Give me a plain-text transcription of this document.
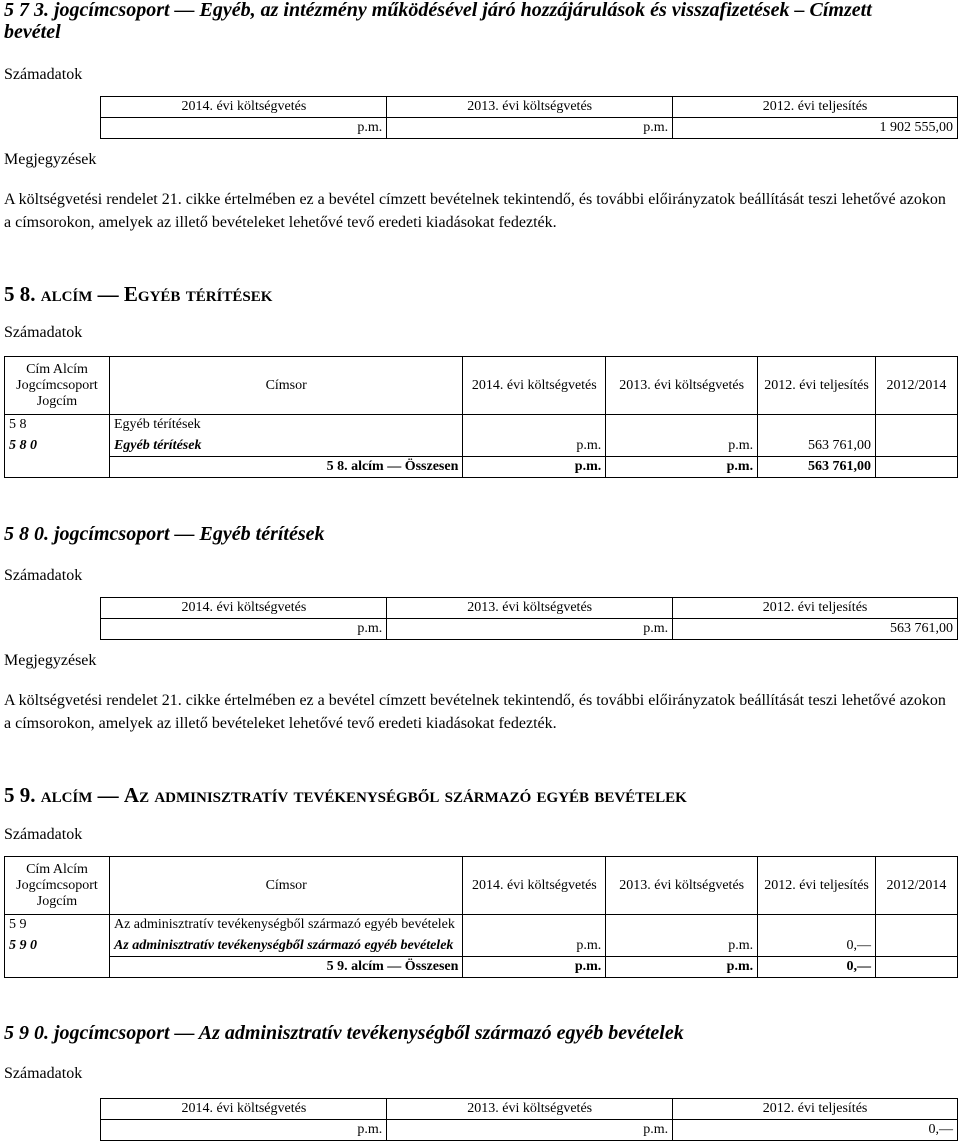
5 7 3. jogcímcsoport — Egyéb, az intézmény működésével járó hozzájárulások és visszafizetések – Címzett
bevétel
Számadatok
	2014. évi költségvetés	2013. évi költségvetés	2012. évi teljesítés
	p.m.	p.m.	1 902 555,00
Megjegyzések
A költségvetési rendelet 21. cikke értelmében ez a bevétel címzett bevételnek tekintendő, és további előirányzatok beállítását teszi lehetővé azokon a címsorokon, amelyek az illető bevételeket lehetővé tevő eredeti kiadásokat fedezték.
5 8. alcím — Egyéb térítések
Számadatok
Cím Alcím Jogcímcsoport Jogcím	Címsor	2014. évi költségvetés	2013. évi költségvetés	2012. évi teljesítés	2012/2014
5 8	Egyéb térítések				
5 8 0	Egyéb térítések	p.m.	p.m.	563 761,00	
	5 8. alcím — Összesen	p.m.	p.m.	563 761,00	
5 8 0. jogcímcsoport — Egyéb térítések
Számadatok
	2014. évi költségvetés	2013. évi költségvetés	2012. évi teljesítés
	p.m.	p.m.	563 761,00
Megjegyzések
A költségvetési rendelet 21. cikke értelmében ez a bevétel címzett bevételnek tekintendő, és további előirányzatok beállítását teszi lehetővé azokon a címsorokon, amelyek az illető bevételeket lehetővé tevő eredeti kiadásokat fedezték.
5 9. alcím — Az adminisztratív tevékenységből származó egyéb bevételek
Számadatok
Cím Alcím Jogcímcsoport Jogcím	Címsor	2014. évi költségvetés	2013. évi költségvetés	2012. évi teljesítés	2012/2014
5 9	Az adminisztratív tevékenységből származó egyéb bevételek				
5 9 0	Az adminisztratív tevékenységből származó egyéb bevételek	p.m.	p.m.	0,—	
	5 9. alcím — Összesen	p.m.	p.m.	0,—	
5 9 0. jogcímcsoport — Az adminisztratív tevékenységből származó egyéb bevételek
Számadatok
	2014. évi költségvetés	2013. évi költségvetés	2012. évi teljesítés
	p.m.	p.m.	0,—
